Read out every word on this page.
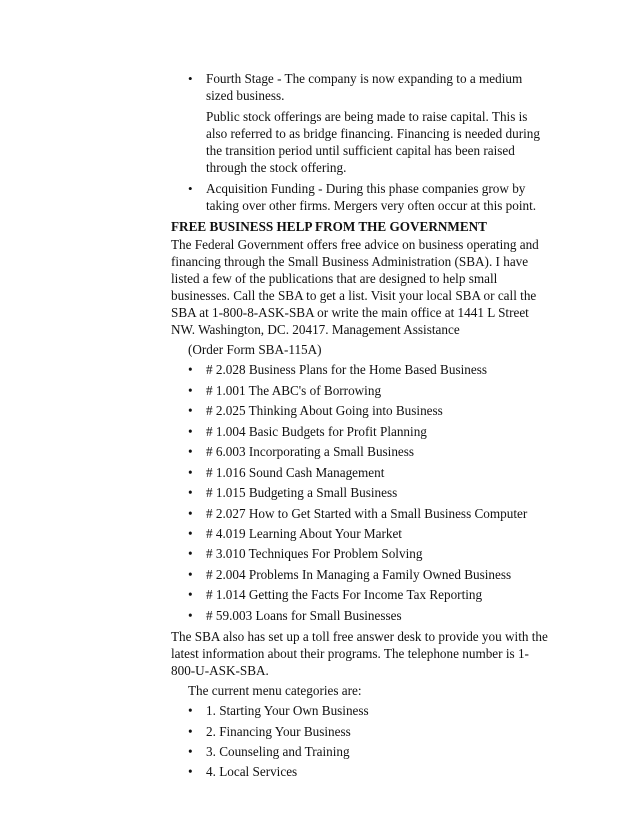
• Fourth Stage - The company is now expanding to a medium sized business.

Public stock offerings are being made to raise capital. This is also referred to as bridge financing. Financing is needed during the transition period until sufficient capital has been raised through the stock offering.

• Acquisition Funding - During this phase companies grow by taking over other firms. Mergers very often occur at this point.

FREE BUSINESS HELP FROM THE GOVERNMENT

The Federal Government offers free advice on business operating and financing through the Small Business Administration (SBA). I have listed a few of the publications that are designed to help small businesses. Call the SBA to get a list. Visit your local SBA or call the SBA at 1-800-8-ASK-SBA or write the main office at 1441 L Street NW. Washington, DC. 20417. Management Assistance

(Order Form SBA-115A)

• # 2.028 Business Plans for the Home Based Business
• # 1.001 The ABC's of Borrowing
• # 2.025 Thinking About Going into Business
• # 1.004 Basic Budgets for Profit Planning
• # 6.003 Incorporating a Small Business
• # 1.016 Sound Cash Management
• # 1.015 Budgeting a Small Business
• # 2.027 How to Get Started with a Small Business Computer
• # 4.019 Learning About Your Market
• # 3.010 Techniques For Problem Solving
• # 2.004 Problems In Managing a Family Owned Business
• # 1.014 Getting the Facts For Income Tax Reporting
• # 59.003 Loans for Small Businesses

The SBA also has set up a toll free answer desk to provide you with the latest information about their programs. The telephone number is 1-800-U-ASK-SBA.

The current menu categories are:

• 1. Starting Your Own Business
• 2. Financing Your Business
• 3. Counseling and Training
• 4. Local Services
